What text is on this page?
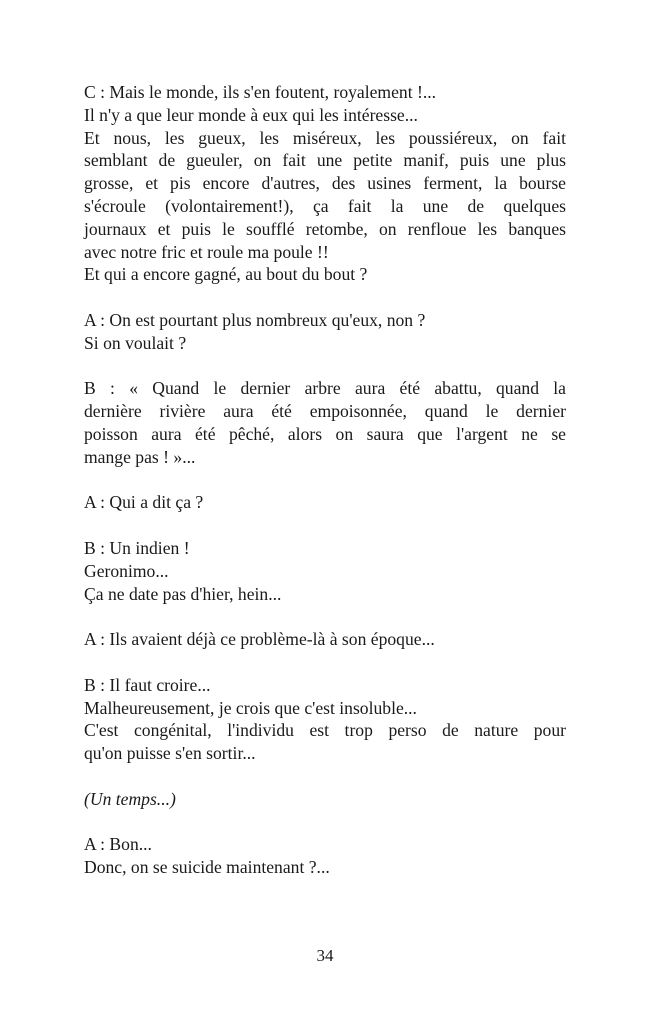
C : Mais le monde, ils s'en foutent, royalement !...
Il n'y a que leur monde à eux qui les intéresse...
Et nous, les gueux, les miséreux, les poussiéreux, on fait
semblant de gueuler, on fait une petite manif, puis une plus
grosse, et pis encore d'autres, des usines ferment, la bourse
s'écroule (volontairement!), ça fait la une de quelques
journaux et puis le soufflé retombe, on renfloue les banques
avec notre fric et roule ma poule !!
Et qui a encore gagné, au bout du bout ?
A : On est pourtant plus nombreux qu'eux, non ?
Si on voulait ?
B : « Quand le dernier arbre aura été abattu, quand la
dernière rivière aura été empoisonnée, quand le dernier
poisson aura été pêché, alors on saura que l'argent ne se
mange pas ! »...
A : Qui a dit ça ?
B : Un indien !
Geronimo...
Ça ne date pas d'hier, hein...
A : Ils avaient déjà ce problème-là à son époque...
B : Il faut croire...
Malheureusement, je crois que c'est insoluble...
C'est congénital, l'individu est trop perso de nature pour
qu'on puisse s'en sortir...
(Un temps...)
A : Bon...
Donc, on se suicide maintenant ?...
34
